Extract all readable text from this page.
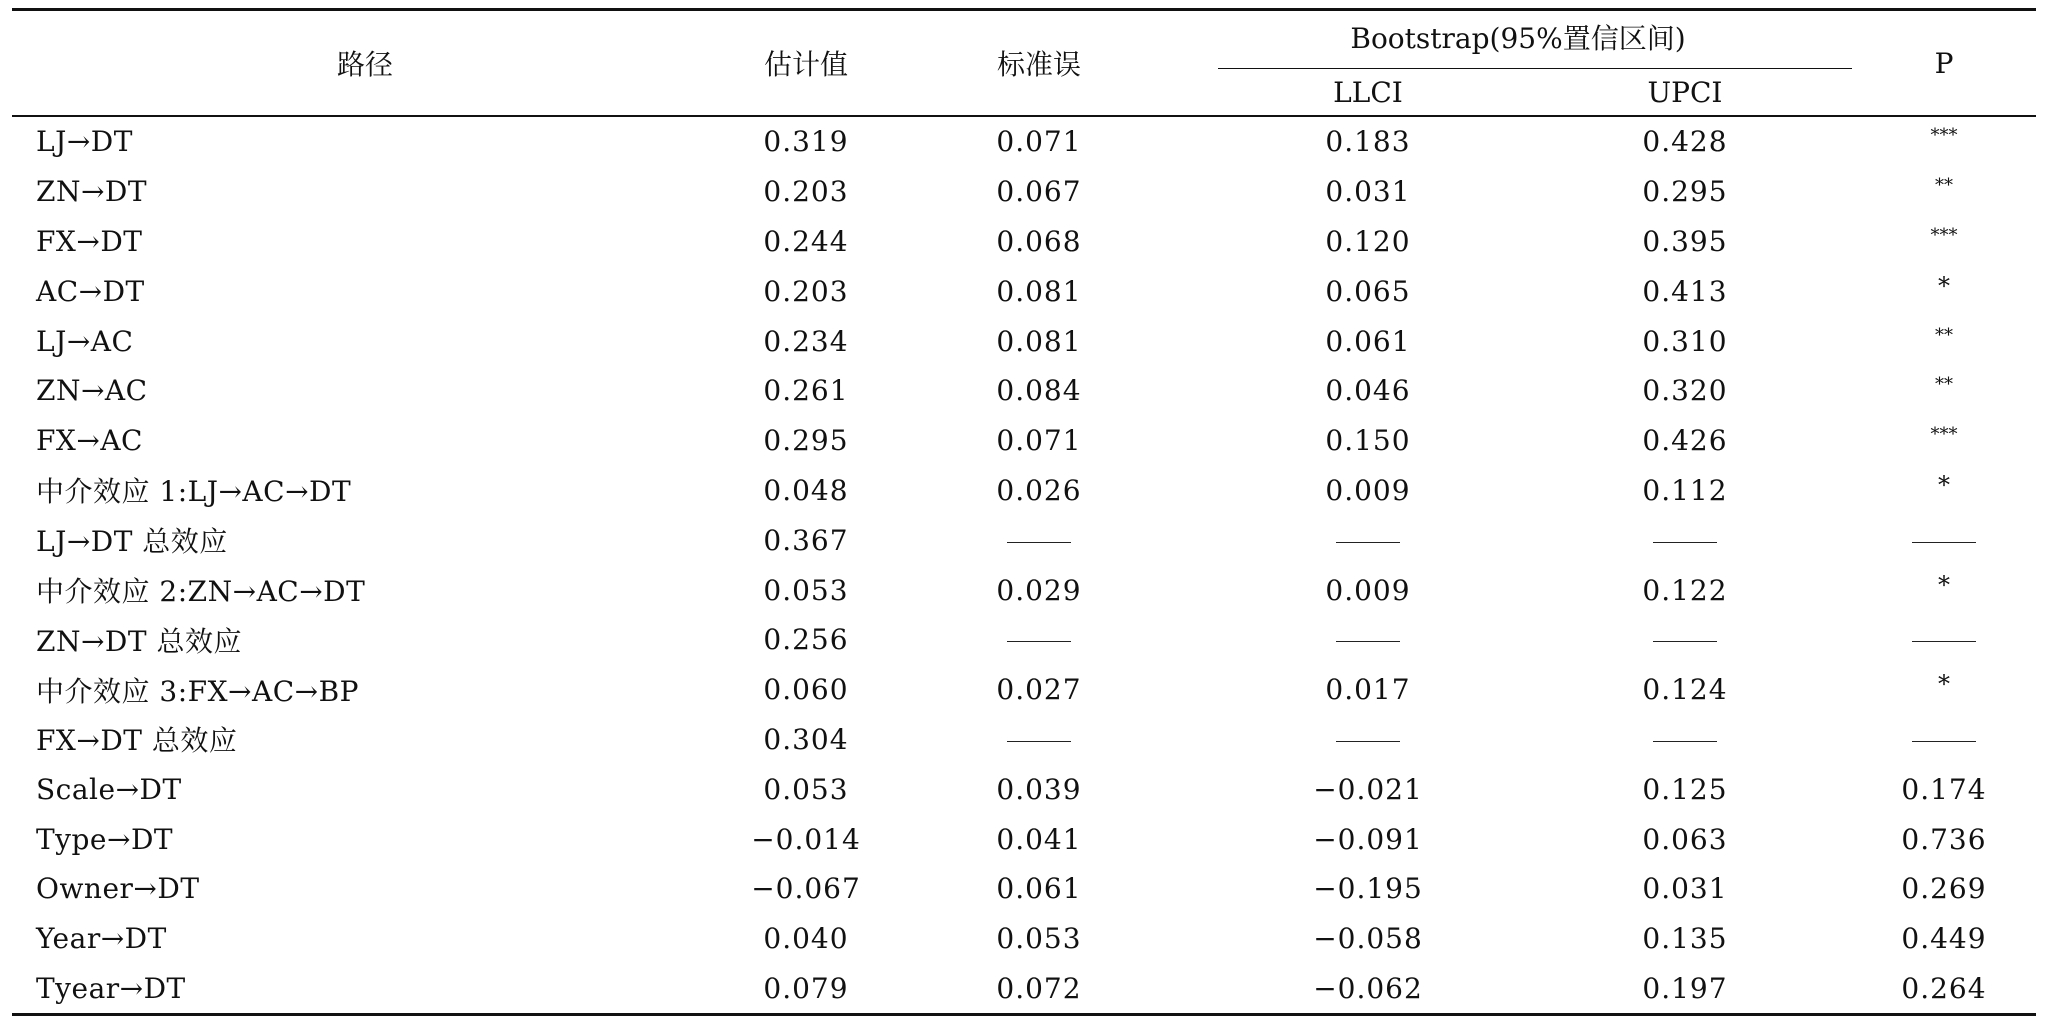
路径	估计值	标准误	Bootstrap(95%置信区间)		P
			LLCI	UPCI	
LJ→DT	0.319	0.071	0.183	0.428	***
ZN→DT	0.203	0.067	0.031	0.295	**
FX→DT	0.244	0.068	0.120	0.395	***
AC→DT	0.203	0.081	0.065	0.413	*
LJ→AC	0.234	0.081	0.061	0.310	**
ZN→AC	0.261	0.084	0.046	0.320	**
FX→AC	0.295	0.071	0.150	0.426	***
中介效应 1:LJ→AC→DT	0.048	0.026	0.009	0.112	*
LJ→DT 总效应	0.367				
中介效应 2:ZN→AC→DT	0.053	0.029	0.009	0.122	*
ZN→DT 总效应	0.256				
中介效应 3:FX→AC→BP	0.060	0.027	0.017	0.124	*
FX→DT 总效应	0.304				
Scale→DT	0.053	0.039	−0.021	0.125	0.174
Type→DT	−0.014	0.041	−0.091	0.063	0.736
Owner→DT	−0.067	0.061	−0.195	0.031	0.269
Year→DT	0.040	0.053	−0.058	0.135	0.449
Tyear→DT	0.079	0.072	−0.062	0.197	0.264
